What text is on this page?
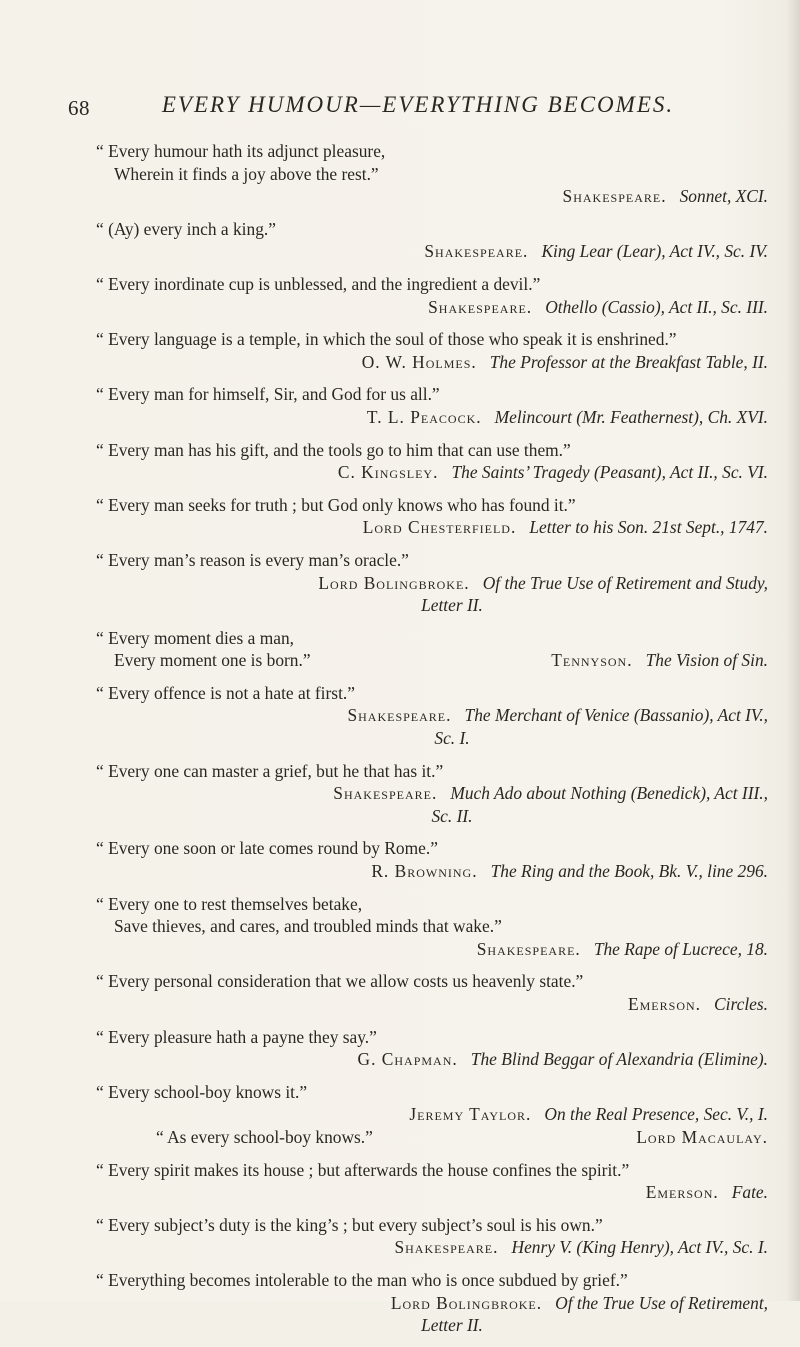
68	EVERY HUMOUR—EVERYTHING BECOMES.
“ Every humour hath its adjunct pleasure,
Wherein it finds a joy above the rest.”
Shakespeare. Sonnet, XCI.
“ (Ay) every inch a king.”
Shakespeare. King Lear (Lear), Act IV., Sc. IV.
“ Every inordinate cup is unblessed, and the ingredient a devil.”
Shakespeare. Othello (Cassio), Act II., Sc. III.
“ Every language is a temple, in which the soul of those who speak it is enshrined.”
O. W. Holmes. The Professor at the Breakfast Table, II.
“ Every man for himself, Sir, and God for us all.”
T. L. Peacock. Melincourt (Mr. Feathernest), Ch. XVI.
“ Every man has his gift, and the tools go to him that can use them.”
C. Kingsley. The Saints’ Tragedy (Peasant), Act II., Sc. VI.
“ Every man seeks for truth ; but God only knows who has found it.”
Lord Chesterfield. Letter to his Son. 21st Sept., 1747.
“ Every man’s reason is every man’s oracle.”
Lord Bolingbroke. Of the True Use of Retirement and Study,
Letter II.
“ Every moment dies a man,
Every moment one is born.”	Tennyson. The Vision of Sin.
“ Every offence is not a hate at first.”
Shakespeare. The Merchant of Venice (Bassanio), Act IV.,
Sc. I.
“ Every one can master a grief, but he that has it.”
Shakespeare. Much Ado about Nothing (Benedick), Act III.,
Sc. II.
“ Every one soon or late comes round by Rome.”
R. Browning. The Ring and the Book, Bk. V., line 296.
“ Every one to rest themselves betake,
Save thieves, and cares, and troubled minds that wake.”
Shakespeare. The Rape of Lucrece, 18.
“ Every personal consideration that we allow costs us heavenly state.”
Emerson. Circles.
“ Every pleasure hath a payne they say.”
G. Chapman. The Blind Beggar of Alexandria (Elimine).
“ Every school-boy knows it.”
Jeremy Taylor. On the Real Presence, Sec. V., I.
“ As every school-boy knows.”	Lord Macaulay.
“ Every spirit makes its house ; but afterwards the house confines the spirit.”
Emerson. Fate.
“ Every subject’s duty is the king’s ; but every subject’s soul is his own.”
Shakespeare. Henry V. (King Henry), Act IV., Sc. I.
“ Everything becomes intolerable to the man who is once subdued by grief.”
Lord Bolingbroke. Of the True Use of Retirement,
Letter II.
